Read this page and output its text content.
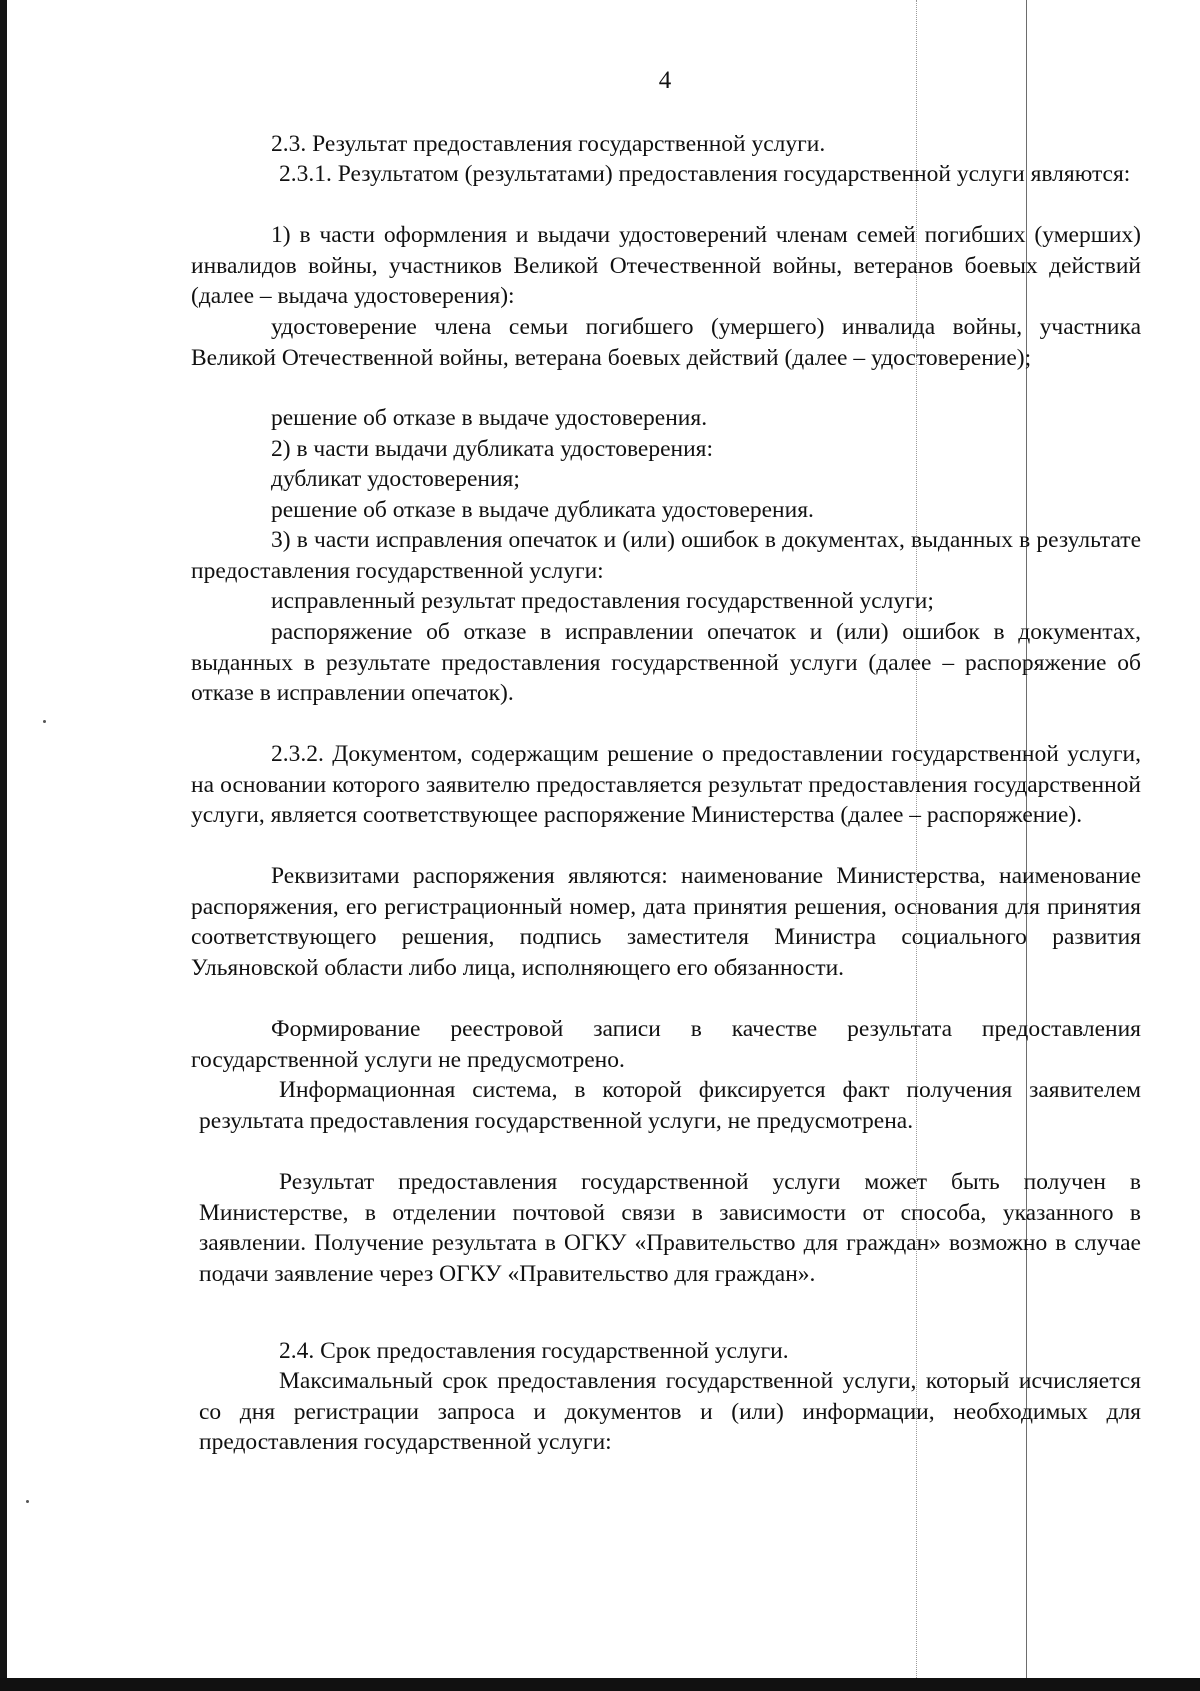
4

2.3. Результат предоставления государственной услуги.

2.3.1. Результатом (результатами) предоставления государственной услуги являются:

1) в части оформления и выдачи удостоверений членам семей погибших (умерших) инвалидов войны, участников Великой Отечественной войны, ветеранов боевых действий (далее – выдача удостоверения):

удостоверение члена семьи погибшего (умершего) инвалида войны, участника Великой Отечественной войны, ветерана боевых действий (далее – удостоверение);

решение об отказе в выдаче удостоверения.

2) в части выдачи дубликата удостоверения:

дубликат удостоверения;

решение об отказе в выдаче дубликата удостоверения.

3) в части исправления опечаток и (или) ошибок в документах, выданных в результате предоставления государственной услуги:

исправленный результат предоставления государственной услуги;

распоряжение об отказе в исправлении опечаток и (или) ошибок в документах, выданных в результате предоставления государственной услуги (далее – распоряжение об отказе в исправлении опечаток).

2.3.2. Документом, содержащим решение о предоставлении государственной услуги, на основании которого заявителю предоставляется результат предоставления государственной услуги, является соответствующее распоряжение Министерства (далее – распоряжение).

Реквизитами распоряжения являются: наименование Министерства, наименование распоряжения, его регистрационный номер, дата принятия решения, основания для принятия соответствующего решения, подпись заместителя Министра социального развития Ульяновской области либо лица, исполняющего его обязанности.

Формирование реестровой записи в качестве результата предоставления государственной услуги не предусмотрено.

Информационная система, в которой фиксируется факт получения заявителем результата предоставления государственной услуги, не предусмотрена.

Результат предоставления государственной услуги может быть получен в Министерстве, в отделении почтовой связи в зависимости от способа, указанного в заявлении. Получение результата в ОГКУ «Правительство для граждан» возможно в случае подачи заявление через ОГКУ «Правительство для граждан».

2.4. Срок предоставления государственной услуги.

Максимальный срок предоставления государственной услуги, который исчисляется со дня регистрации запроса и документов и (или) информации, необходимых для предоставления государственной услуги:
